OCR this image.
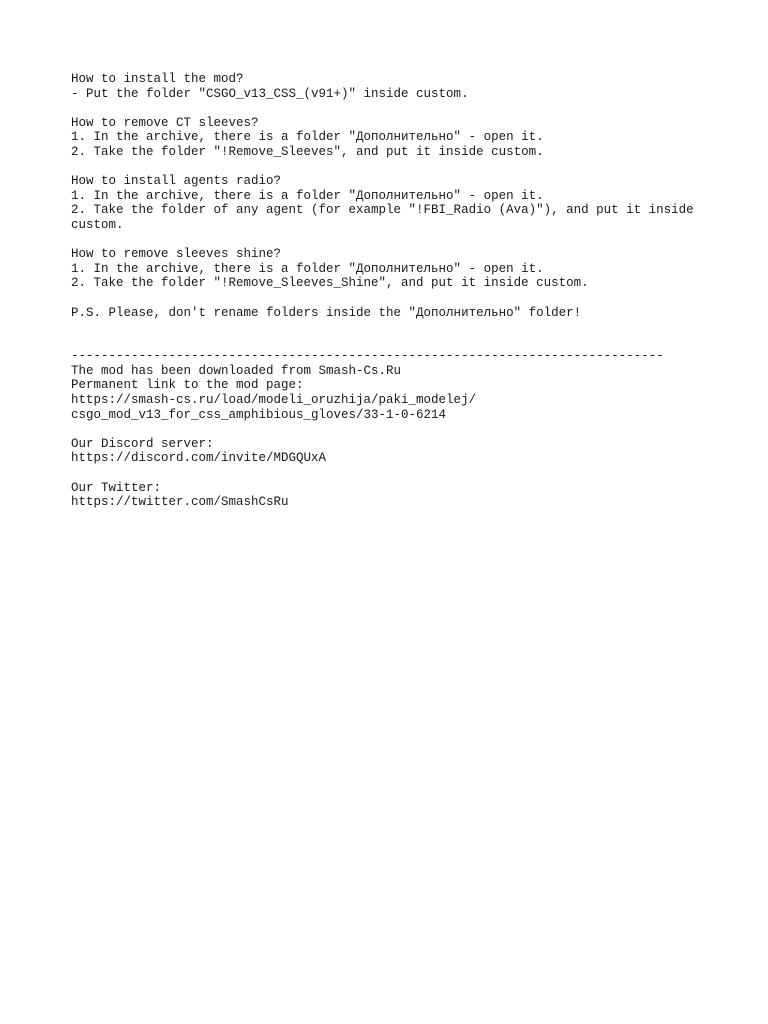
How to install the mod?
- Put the folder "CSGO_v13_CSS_(v91+)" inside custom.
How to remove CT sleeves?
1. In the archive, there is a folder "Дополнительно" - open it.
2. Take the folder "!Remove_Sleeves", and put it inside custom.
How to install agents radio?
1. In the archive, there is a folder "Дополнительно" - open it.
2. Take the folder of any agent (for example "!FBI_Radio (Ava)"), and put it inside
custom.
How to remove sleeves shine?
1. In the archive, there is a folder "Дополнительно" - open it.
2. Take the folder "!Remove_Sleeves_Shine", and put it inside custom.
P.S. Please, don't rename folders inside the "Дополнительно" folder!
-------------------------------------------------------------------------------
The mod has been downloaded from Smash-Cs.Ru
Permanent link to the mod page:
https://smash-cs.ru/load/modeli_oruzhija/paki_modelej/
csgo_mod_v13_for_css_amphibious_gloves/33-1-0-6214
Our Discord server:
https://discord.com/invite/MDGQUxA
Our Twitter:
https://twitter.com/SmashCsRu
